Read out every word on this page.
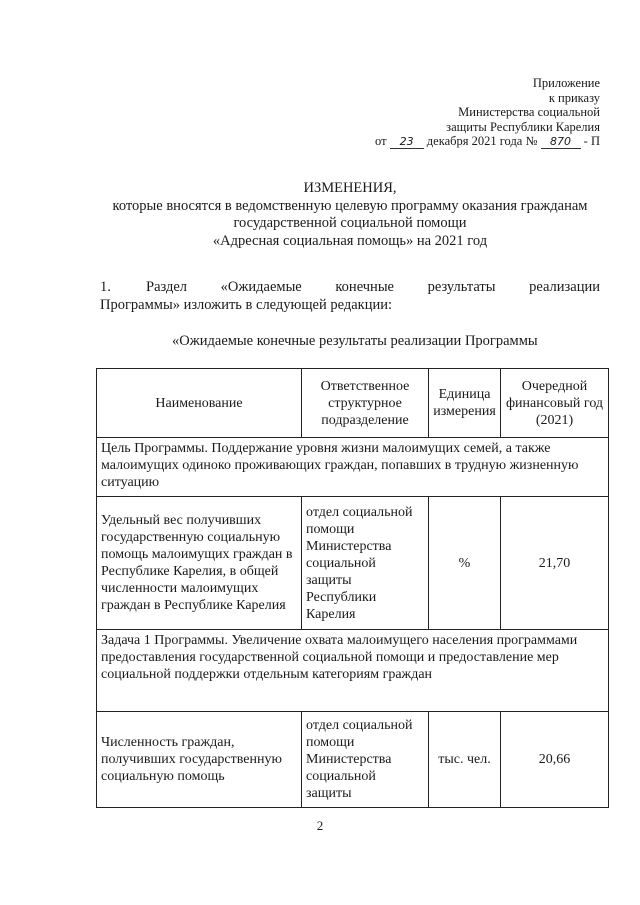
Приложение
к приказу
Министерства социальной
защиты Республики Карелия
от 23 декабря 2021 года № 870 - П
ИЗМЕНЕНИЯ,
которые вносятся в ведомственную целевую программу оказания гражданам
государственной социальной помощи
«Адресная социальная помощь» на 2021 год
1. Раздел «Ожидаемые конечные результаты реализации
Программы» изложить в следующей редакции:
«Ожидаемые конечные результаты реализации Программы
Наименование	Ответственное структурное подразделение	Единица измерения	Очередной финансовый год (2021)
Цель Программы. Поддержание уровня жизни малоимущих семей, а также малоимущих одиноко проживающих граждан, попавших в трудную жизненную ситуацию			
Удельный вес получивших государственную социальную помощь малоимущих граждан в Республике Карелия, в общей численности малоимущих граждан в Республике Карелия	отдел социальной помощи Министерства социальной защиты Республики Карелия	%	21,70
Задача 1 Программы. Увеличение охвата малоимущего населения программами предоставления государственной социальной помощи и предоставление мер социальной поддержки отдельным категориям граждан			
Численность граждан, получивших государственную социальную помощь	отдел социальной помощи Министерства социальной защиты	тыс. чел.	20,66
2
